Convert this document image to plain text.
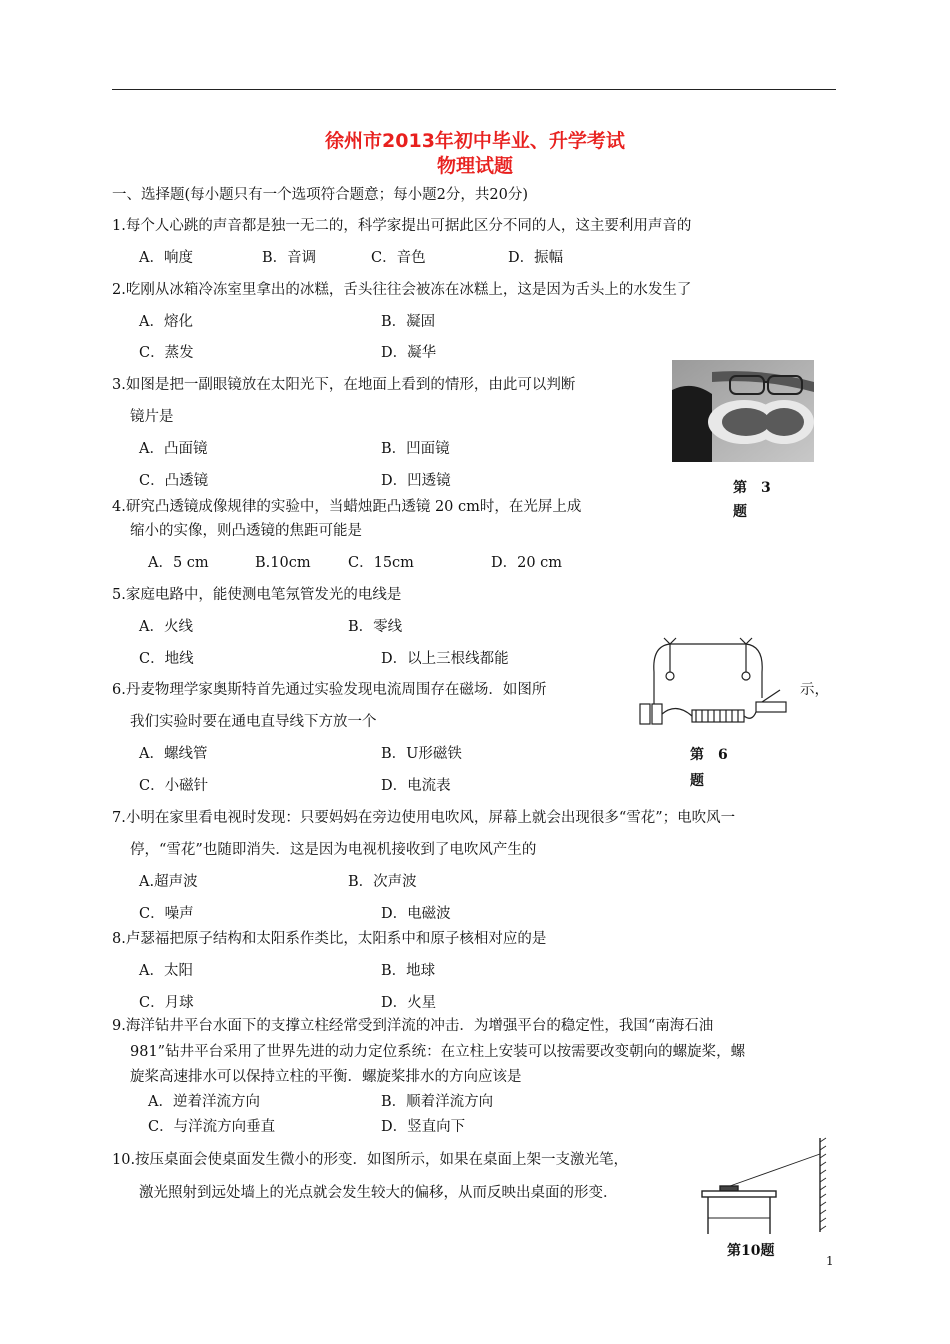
徐州市2013年初中毕业、升学考试
物理试题
一、选择题(每小题只有一个选项符合题意；每小题2分，共20分)
1.每个人心跳的声音都是独一无二的，科学家提出可据此区分不同的人，这主要利用声音的
A．响度	B．音调	C．音色	D．振幅
2.吃刚从冰箱冷冻室里拿出的冰糕，舌头往往会被冻在冰糕上，这是因为舌头上的水发生了
A．熔化	B．凝固
C．蒸发	D．凝华
3.如图是把一副眼镜放在太阳光下，在地面上看到的情形，由此可以判断
镜片是
A．凸面镜	B．凹面镜
C．凸透镜	D．凹透镜	第　3
题
4.研究凸透镜成像规律的实验中，当蜡烛距凸透镜 20 cm时，在光屏上成
缩小的实像，则凸透镜的焦距可能是
A．5 cm	B.10cm	C．15cm	D．20 cm
5.家庭电路中，能使测电笔氖管发光的电线是
A．火线	B．零线
C．地线	D．以上三根线都能
示，
第　6
题
6.丹麦物理学家奥斯特首先通过实验发现电流周围存在磁场．如图所
我们实验时要在通电直导线下方放一个
A．螺线管	B．U形磁铁
C．小磁针	D．电流表
7.小明在家里看电视时发现：只要妈妈在旁边使用电吹风，屏幕上就会出现很多“雪花”；电吹风一
停，“雪花”也随即消失．这是因为电视机接收到了电吹风产生的
A.超声波	B．次声波
C．噪声	D．电磁波
8.卢瑟福把原子结构和太阳系作类比，太阳系中和原子核相对应的是
A．太阳	B．地球
C．月球	D．火星
9.海洋钻井平台水面下的支撑立柱经常受到洋流的冲击．为增强平台的稳定性，我国“南海石油
981”钻井平台采用了世界先进的动力定位系统：在立柱上安装可以按需要改变朝向的螺旋桨，螺
旋桨高速排水可以保持立柱的平衡．螺旋桨排水的方向应该是
A．逆着洋流方向	B．顺着洋流方向
C．与洋流方向垂直	D．竖直向下
10.按压桌面会使桌面发生微小的形变．如图所示，如果在桌面上架一支激光笔，
激光照射到远处墙上的光点就会发生较大的偏移，从而反映出桌面的形变．
第10题
1
